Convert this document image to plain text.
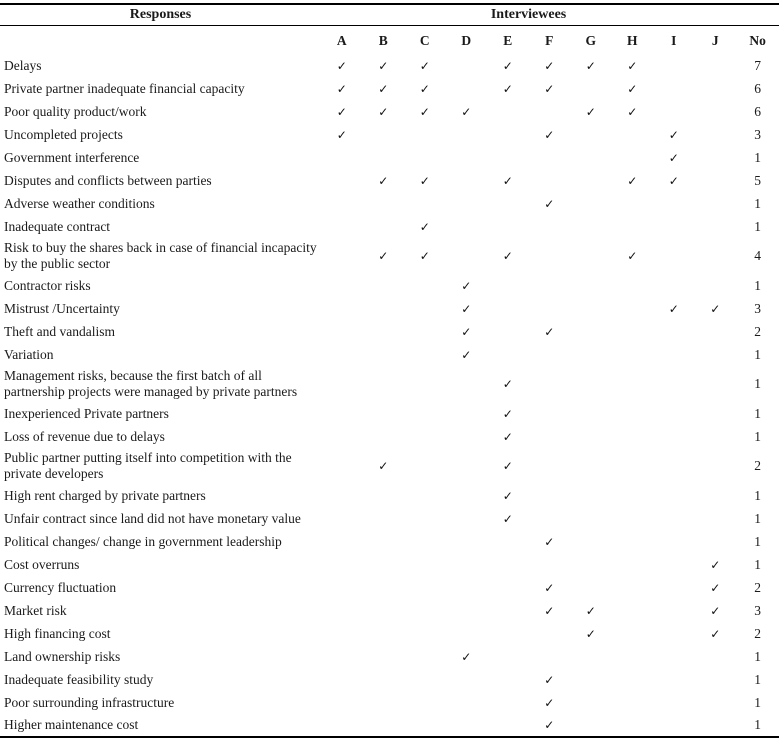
Responses	Interviewees										
	A	B	C	D	E	F	G	H	I	J	No
Delays	✓	✓	✓		✓	✓	✓	✓			7
Private partner inadequate financial capacity	✓	✓	✓		✓	✓		✓			6
Poor quality product/work	✓	✓	✓	✓			✓	✓			6
Uncompleted projects	✓					✓			✓		3
Government interference									✓		1
Disputes and conflicts between parties		✓	✓		✓			✓	✓		5
Adverse weather conditions						✓					1
Inadequate contract			✓								1
Risk to buy the shares back in case of financial incapacity by the public sector		✓	✓		✓			✓			4
Contractor risks				✓							1
Mistrust /Uncertainty				✓					✓	✓	3
Theft and vandalism				✓		✓					2
Variation				✓							1
Management risks, because the first batch of all partnership projects were managed by private partners					✓						1
Inexperienced Private partners					✓						1
Loss of revenue due to delays					✓						1
Public partner putting itself into competition with the private developers		✓			✓						2
High rent charged by private partners					✓						1
Unfair contract since land did not have monetary value					✓						1
Political changes/ change in government leadership						✓					1
Cost overruns										✓	1
Currency fluctuation						✓				✓	2
Market risk						✓	✓			✓	3
High financing cost							✓			✓	2
Land ownership risks				✓							1
Inadequate feasibility study						✓					1
Poor surrounding infrastructure						✓					1
Higher maintenance cost						✓					1
